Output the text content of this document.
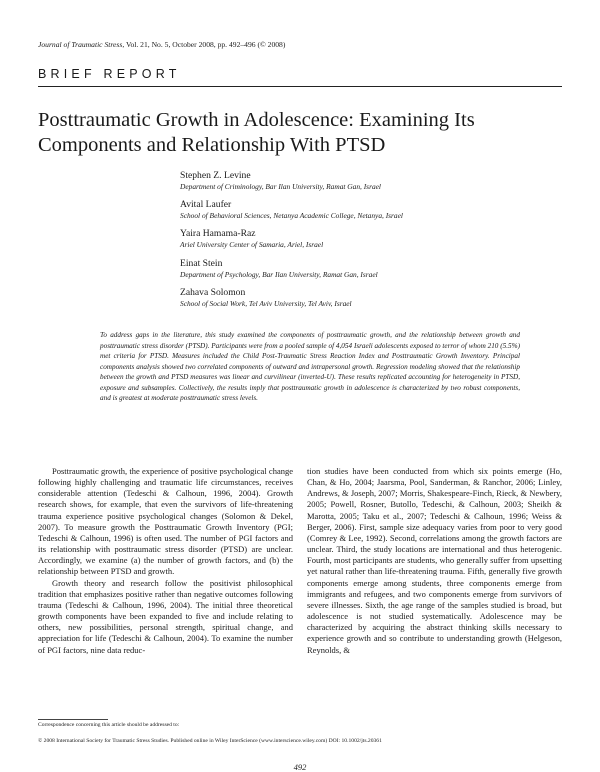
Journal of Traumatic Stress, Vol. 21, No. 5, October 2008, pp. 492–496 (© 2008)
BRIEF REPORT
Posttraumatic Growth in Adolescence: Examining Its
Components and Relationship With PTSD
Stephen Z. Levine
Department of Criminology, Bar Ilan University, Ramat Gan, Israel
Avital Laufer
School of Behavioral Sciences, Netanya Academic College, Netanya, Israel
Yaira Hamama-Raz
Ariel University Center of Samaria, Ariel, Israel
Einat Stein
Department of Psychology, Bar Ilan University, Ramat Gan, Israel
Zahava Solomon
School of Social Work, Tel Aviv University, Tel Aviv, Israel
To address gaps in the literature, this study examined the components of posttraumatic growth, and the relationship between growth and posttraumatic stress disorder (PTSD). Participants were from a pooled sample of 4,054 Israeli adolescents exposed to terror of whom 210 (5.5%) met criteria for PTSD. Measures included the Child Post-Traumatic Stress Reaction Index and Posttraumatic Growth Inventory. Principal components analysis showed two correlated components of outward and intrapersonal growth. Regression modeling showed that the relationship between the growth and PTSD measures was linear and curvilinear (inverted-U). These results replicated accounting for heterogeneity in PTSD, exposure and subsamples. Collectively, the results imply that posttraumatic growth in adolescence is characterized by two robust components, and is greatest at moderate posttraumatic stress levels.

Posttraumatic growth, the experience of positive psychological change following highly challenging and traumatic life circumstances, receives considerable attention (Tedeschi & Calhoun, 1996, 2004). Growth research shows, for example, that even the survivors of life-threatening trauma experience positive psychological changes (Solomon & Dekel, 2007). To measure growth the Posttraumatic Growth Inventory (PGI; Tedeschi & Calhoun, 1996) is often used. The number of PGI factors and its relationship with posttraumatic stress disorder (PTSD) are unclear. Accordingly, we examine (a) the number of growth factors, and (b) the relationship between PTSD and growth.

Growth theory and research follow the positivist philosophical tradition that emphasizes positive rather than negative outcomes following trauma (Tedeschi & Calhoun, 1996, 2004). The initial three theoretical growth components have been expanded to five and include relating to others, new possibilities, personal strength, spiritual change, and appreciation for life (Tedeschi & Calhoun, 2004). To examine the number of PGI factors, nine data reduc-

tion studies have been conducted from which six points emerge (Ho, Chan, & Ho, 2004; Jaarsma, Pool, Sanderman, & Ranchor, 2006; Linley, Andrews, & Joseph, 2007; Morris, Shakespeare-Finch, Rieck, & Newbery, 2005; Powell, Rosner, Butollo, Tedeschi, & Calhoun, 2003; Sheikh & Marotta, 2005; Taku et al., 2007; Tedeschi & Calhoun, 1996; Weiss & Berger, 2006). First, sample size adequacy varies from poor to very good (Comrey & Lee, 1992). Second, correlations among the growth factors are unclear. Third, the study locations are international and thus heterogenic. Fourth, most participants are students, who generally suffer from upsetting yet natural rather than life-threatening trauma. Fifth, generally five growth components emerge among students, three components emerge from immigrants and refugees, and two components emerge from survivors of severe illnesses. Sixth, the age range of the samples studied is broad, but adolescence is not studied systematically. Adolescence may be characterized by acquiring the abstract thinking skills necessary to experience growth and so contribute to understanding growth (Helgeson, Reynolds, &

Correspondence concerning this article should be addressed to:
© 2008 International Society for Traumatic Stress Studies. Published online in Wiley InterScience (www.interscience.wiley.com) DOI: 10.1002/jts.20361
492
